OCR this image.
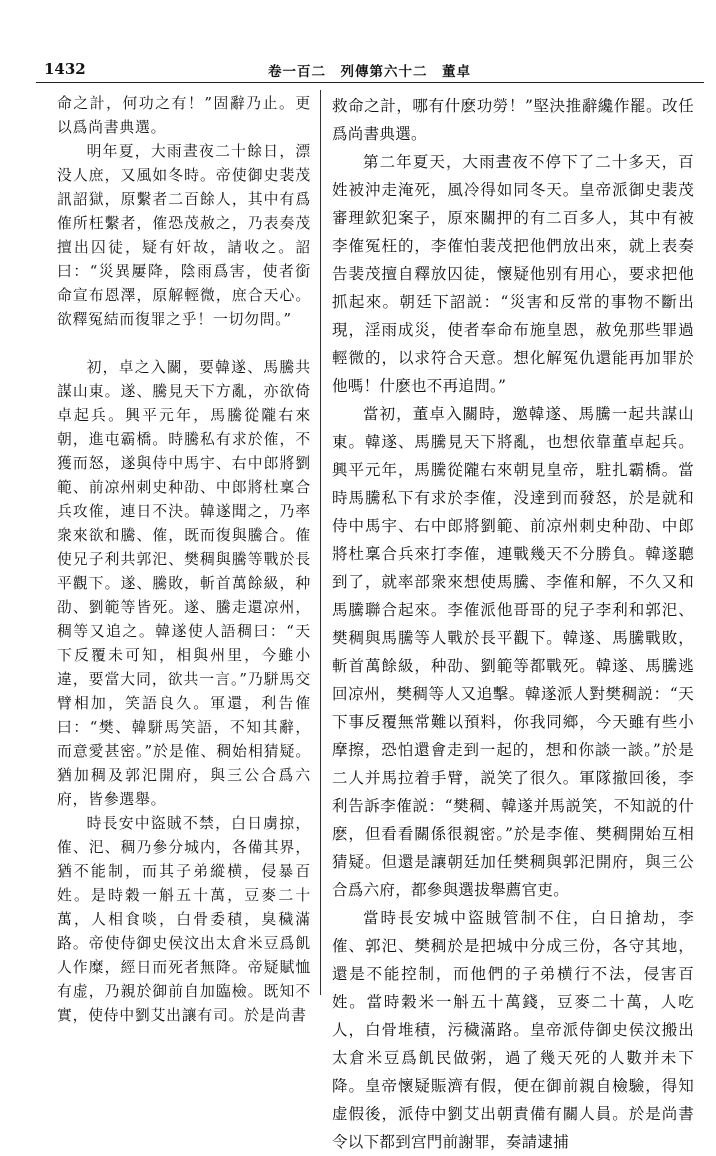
1432	卷一百二　列傳第六十二　董卓

命之計，何功之有！”固辭乃止。更以爲尚書典選。

明年夏，大雨晝夜二十餘日，漂没人庶，又風如冬時。帝使御史裴茂訊詔獄，原繫者二百餘人，其中有爲傕所枉繫者，傕恐茂赦之，乃表奏茂擅出囚徒，疑有奸故，請收之。詔曰：“災異屢降，陰雨爲害，使者銜命宣布恩澤，原解輕微，庶合天心。欲釋冤結而復罪之乎！一切勿問。”

初，卓之入關，要韓遂、馬騰共謀山東。遂、騰見天下方亂，亦欲倚卓起兵。興平元年，馬騰從隴右來朝，進屯霸橋。時騰私有求於傕，不獲而怒，遂與侍中馬宇、右中郎將劉範、前凉州刺史种劭、中郎將杜稟合兵攻傕，連日不決。韓遂聞之，乃率衆來欲和騰、傕，既而復與騰合。傕使兄子利共郭汜、樊稠與騰等戰於長平觀下。遂、騰敗，斬首萬餘級，种劭、劉範等皆死。遂、騰走還凉州，稠等又追之。韓遂使人語稠曰：“天下反覆未可知，相與州里，今雖小違，要當大同，欲共一言。”乃駢馬交臂相加，笑語良久。軍還，利告傕曰：“樊、韓駢馬笑語，不知其辭，而意愛甚密。”於是傕、稠始相猜疑。猶加稠及郭汜開府，與三公合爲六府，皆參選舉。

時長安中盜賊不禁，白日虜掠，傕、汜、稠乃參分城内，各備其界，猶不能制，而其子弟縱横，侵暴百姓。是時穀一斛五十萬，豆麥二十萬，人相食啖，白骨委積，臭穢滿路。帝使侍御史侯汶出太倉米豆爲飢人作糜，經日而死者無降。帝疑賦恤有虚，乃親於御前自加臨檢。既知不實，使侍中劉艾出讓有司。於是尚書

救命之計，哪有什麽功勞！”堅決推辭纔作罷。改任爲尚書典選。

第二年夏天，大雨晝夜不停下了二十多天，百姓被沖走淹死，風冷得如同冬天。皇帝派御史裴茂審理欽犯案子，原來關押的有二百多人，其中有被李傕冤枉的，李傕怕裴茂把他們放出來，就上表奏告裴茂擅自釋放囚徒，懷疑他别有用心，要求把他抓起來。朝廷下詔説：“災害和反常的事物不斷出現，淫雨成災，使者奉命布施皇恩，赦免那些罪過輕微的，以求符合天意。想化解冤仇還能再加罪於他嗎！什麽也不再追問。”

當初，董卓入關時，邀韓遂、馬騰一起共謀山東。韓遂、馬騰見天下將亂，也想依靠董卓起兵。興平元年，馬騰從隴右來朝見皇帝，駐扎霸橋。當時馬騰私下有求於李傕，没達到而發怒，於是就和侍中馬宇、右中郎將劉範、前凉州刺史种劭、中郎將杜稟合兵來打李傕，連戰幾天不分勝負。韓遂聽到了，就率部衆來想使馬騰、李傕和解，不久又和馬騰聯合起來。李傕派他哥哥的兒子李利和郭汜、樊稠與馬騰等人戰於長平觀下。韓遂、馬騰戰敗，斬首萬餘級，种劭、劉範等都戰死。韓遂、馬騰逃回凉州，樊稠等人又追擊。韓遂派人對樊稠説：“天下事反覆無常難以預料，你我同鄉，今天雖有些小摩擦，恐怕還會走到一起的，想和你談一談。”於是二人并馬拉着手臂，説笑了很久。軍隊撤回後，李利告訴李傕説：“樊稠、韓遂并馬説笑，不知説的什麽，但看看關係很親密。”於是李傕、樊稠開始互相猜疑。但還是讓朝廷加任樊稠與郭汜開府，與三公合爲六府，都參與選拔舉薦官吏。

當時長安城中盜賊管制不住，白日搶劫，李傕、郭汜、樊稠於是把城中分成三份，各守其地，還是不能控制，而他們的子弟横行不法，侵害百姓。當時穀米一斛五十萬錢，豆麥二十萬，人吃人，白骨堆積，污穢滿路。皇帝派侍御史侯汶搬出太倉米豆爲飢民做粥，過了幾天死的人數并未下降。皇帝懷疑賑濟有假，便在御前親自檢驗，得知虚假後，派侍中劉艾出朝責備有關人員。於是尚書令以下都到宫門前謝罪，奏請逮捕
